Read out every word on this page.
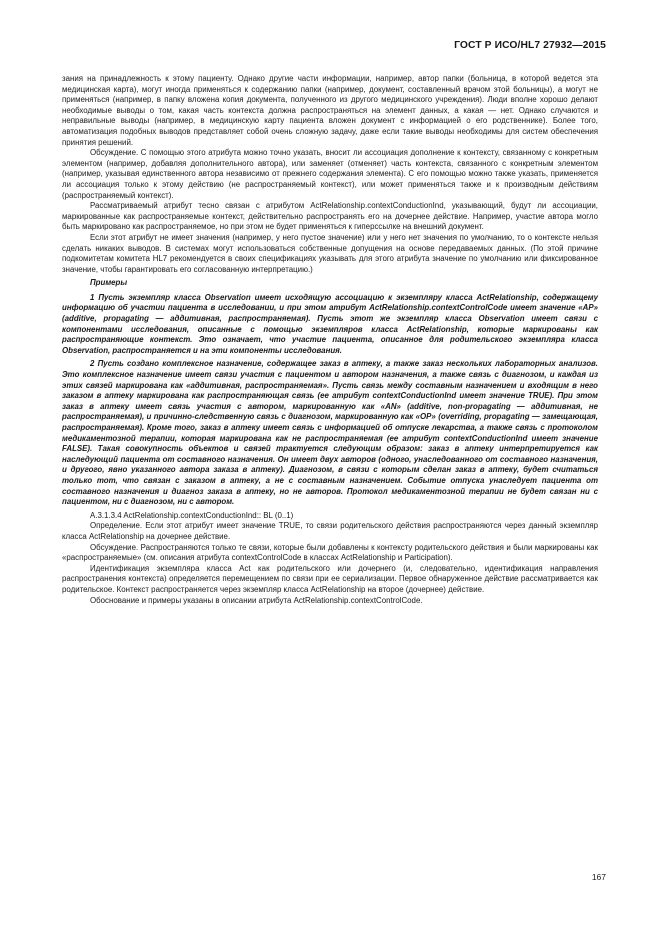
ГОСТ Р ИСО/HL7 27932—2015

зания на принадлежность к этому пациенту. Однако другие части информации, например, автор папки (больница, в которой ведется эта медицинская карта), могут иногда применяться к содержанию папки (например, документ, составленный врачом этой больницы), а могут не применяться (например, в папку вложена копия документа, полученного из другого медицинского учреждения). Люди вполне хорошо делают необходимые выводы о том, какая часть контекста должна распространяться на элемент данных, а какая — нет. Однако случаются и неправильные выводы (например, в медицинскую карту пациента вложен документ с информацией о его родственнике). Более того, автоматизация подобных выводов представляет собой очень сложную задачу, даже если такие выводы необходимы для систем обеспечения принятия решений.

Обсуждение. С помощью этого атрибута можно точно указать, вносит ли ассоциация дополнение к контексту, связанному с конкретным элементом (например, добавляя дополнительного автора), или заменяет (отменяет) часть контекста, связанного с конкретным элементом (например, указывая единственного автора независимо от прежнего содержания элемента). С его помощью можно также указать, применяется ли ассоциация только к этому действию (не распространяемый контекст), или может применяться также и к производным действиям (распространяемый контекст).

Рассматриваемый атрибут тесно связан с атрибутом ActRelationship.contextConductionInd, указывающий, будут ли ассоциации, маркированные как распространяемые контекст, действительно распространять его на дочернее действие. Например, участие автора могло быть маркировано как распространяемое, но при этом не будет применяться к гиперссылке на внешний документ.

Если этот атрибут не имеет значения (например, у него пустое значение) или у него нет значения по умолчанию, то о контексте нельзя сделать никаких выводов. В системах могут использоваться собственные допущения на основе передаваемых данных. (По этой причине подкомитетам комитета HL7 рекомендуется в своих спецификациях указывать для этого атрибута значение по умолчанию или фиксированное значение, чтобы гарантировать его согласованную интерпретацию.)

Примеры

1 Пусть экземпляр класса Observation имеет исходящую ассоциацию к экземпляру класса ActRelationship, содержащему информацию об участии пациента в исследовании, и при этом атрибут ActRelationship.contextControlCode имеет значение «AP» (additive, propagating — аддитивная, распространяемая). Пусть этот же экземпляр класса Observation имеет связи с компонентами исследования, описанные с помощью экземпляров класса ActRelationship, которые маркированы как распространяющие контекст. Это означает, что участие пациента, описанное для родительского экземпляра класса Observation, распространяется и на эти компоненты исследования.

2 Пусть создано комплексное назначение, содержащее заказ в аптеку, а также заказ нескольких лабораторных анализов. Это комплексное назначение имеет связи участия с пациентом и автором назначения, а также связь с диагнозом, и каждая из этих связей маркирована как «аддитивная, распространяемая». Пусть связь между составным назначением и входящим в него заказом в аптеку маркирована как распространяющая связь (ее атрибут contextConductionInd имеет значение TRUE). При этом заказ в аптеку имеет связь участия с автором, маркированную как «AN» (additive, non-propagating — аддитивная, не распространяемая), и причинно-следственную связь с диагнозом, маркированную как «OP» (overriding, propagating — замещающая, распространяемая). Кроме того, заказ в аптеку имеет связь с информацией об отпуске лекарства, а также связь с протоколом медикаментозной терапии, которая маркирована как не распространяемая (ее атрибут contextConductionInd имеет значение FALSE). Такая совокупность объектов и связей трактуется следующим образом: заказ в аптеку интерпретируется как наследующий пациента от составного назначения. Он имеет двух авторов (одного, унаследованного от составного назначения, и другого, явно указанного автора заказа в аптеку). Диагнозом, в связи с которым сделан заказ в аптеку, будет считаться только тот, что связан с заказом в аптеку, а не с составным назначением. Событие отпуска унаследует пациента от составного назначения и диагноз заказа в аптеку, но не авторов. Протокол медикаментозной терапии не будет связан ни с пациентом, ни с диагнозом, ни с автором.

A.3.1.3.4 ActRelationship.contextConductionInd:: BL (0..1)

Определение. Если этот атрибут имеет значение TRUE, то связи родительского действия распространяются через данный экземпляр класса ActRelationship на дочернее действие.

Обсуждение. Распространяются только те связи, которые были добавлены к контексту родительского действия и были маркированы как «распространяемые» (см. описания атрибута contextControlCode в классах ActRelationship и Participation).

Идентификация экземпляра класса Act как родительского или дочернего (и, следовательно, идентификация направления распространения контекста) определяется перемещением по связи при ее сериализации. Первое обнаруженное действие рассматривается как родительское. Контекст распространяется через экземпляр класса ActRelationship на второе (дочернее) действие.

Обоснование и примеры указаны в описании атрибута ActRelationship.contextControlCode.

167
